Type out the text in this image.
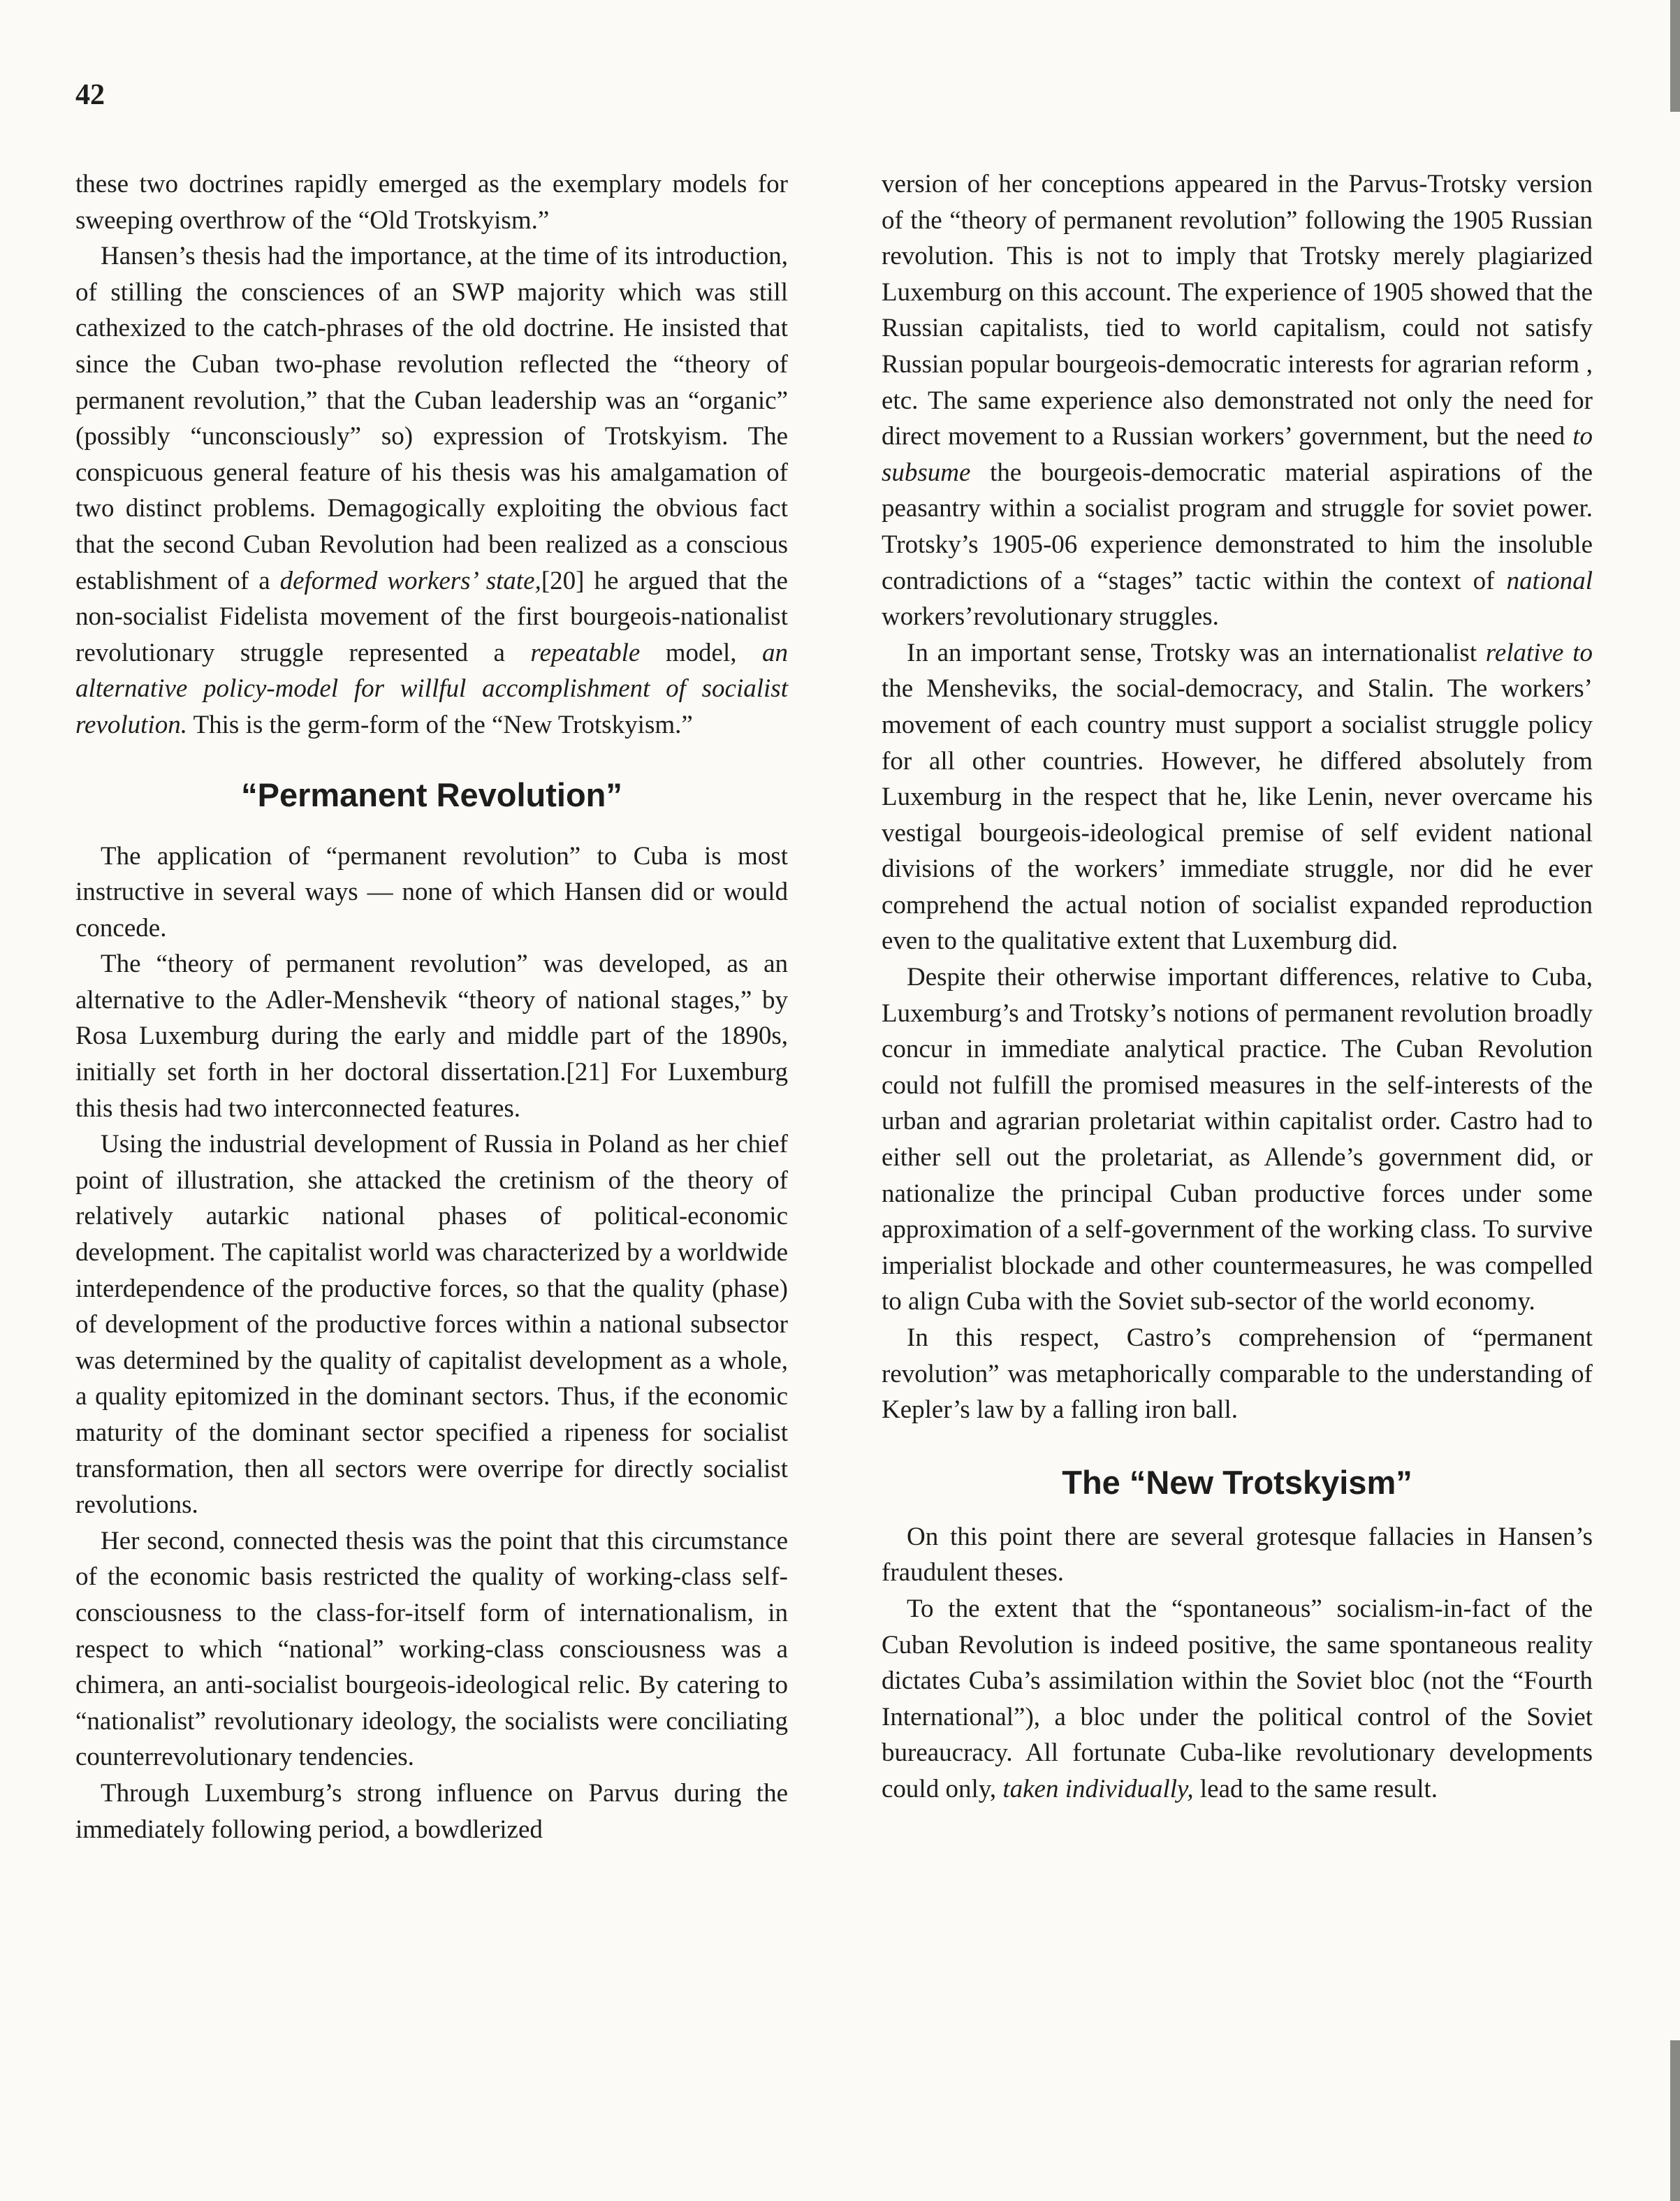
42

these two doctrines rapidly emerged as the exemplary models for sweeping overthrow of the “Old Trotskyism.”

Hansen’s thesis had the importance, at the time of its introduction, of stilling the consciences of an SWP majority which was still cathexized to the catch-phrases of the old doctrine. He insisted that since the Cuban two-phase revolution reflected the “theory of permanent revolution,” that the Cuban leadership was an “organic” (possibly “unconsciously” so) expression of Trotskyism. The conspicuous general feature of his thesis was his amalgamation of two distinct problems. Demagogically exploiting the obvious fact that the second Cuban Revolution had been realized as a conscious establishment of a deformed workers’ state,[20] he argued that the non-socialist Fidelista movement of the first bourgeois-nationalist revolutionary struggle represented a repeatable model, an alternative policy-model for willful accomplishment of socialist revolution. This is the germ-form of the “New Trotskyism.”

“Permanent Revolution”

The application of “permanent revolution” to Cuba is most instructive in several ways — none of which Hansen did or would concede.

The “theory of permanent revolution” was developed, as an alternative to the Adler-Menshevik “theory of national stages,” by Rosa Luxemburg during the early and middle part of the 1890s, initially set forth in her doctoral dissertation.[21] For Luxemburg this thesis had two interconnected features.

Using the industrial development of Russia in Poland as her chief point of illustration, she attacked the cretinism of the theory of relatively autarkic national phases of political-economic development. The capitalist world was characterized by a worldwide interdependence of the productive forces, so that the quality (phase) of development of the productive forces within a national subsector was determined by the quality of capitalist development as a whole, a quality epitomized in the dominant sectors. Thus, if the economic maturity of the dominant sector specified a ripeness for socialist transformation, then all sectors were overripe for directly socialist revolutions.

Her second, connected thesis was the point that this circumstance of the economic basis restricted the quality of working-class self-consciousness to the class-for-itself form of internationalism, in respect to which “national” working-class consciousness was a chimera, an anti-socialist bourgeois-ideological relic. By catering to “nationalist” revolutionary ideology, the socialists were conciliating counterrevolutionary tendencies.

Through Luxemburg’s strong influence on Parvus during the immediately following period, a bowdlerized

version of her conceptions appeared in the Parvus-Trotsky version of the “theory of permanent revolution” following the 1905 Russian revolution. This is not to imply that Trotsky merely plagiarized Luxemburg on this account. The experience of 1905 showed that the Russian capitalists, tied to world capitalism, could not satisfy Russian popular bourgeois-democratic interests for agrarian reform , etc. The same experience also demonstrated not only the need for direct movement to a Russian workers’ government, but the need to subsume the bourgeois-democratic material aspirations of the peasantry within a socialist program and struggle for soviet power. Trotsky’s 1905-06 experience demonstrated to him the insoluble contradictions of a “stages” tactic within the context of national workers’revolutionary struggles.

In an important sense, Trotsky was an internationalist relative to the Mensheviks, the social-democracy, and Stalin. The workers’ movement of each country must support a socialist struggle policy for all other countries. However, he differed absolutely from Luxemburg in the respect that he, like Lenin, never overcame his vestigal bourgeois-ideological premise of self evident national divisions of the workers’ immediate struggle, nor did he ever comprehend the actual notion of socialist expanded reproduction even to the qualitative extent that Luxemburg did.

Despite their otherwise important differences, relative to Cuba, Luxemburg’s and Trotsky’s notions of permanent revolution broadly concur in immediate analytical practice. The Cuban Revolution could not fulfill the promised measures in the self-interests of the urban and agrarian proletariat within capitalist order. Castro had to either sell out the proletariat, as Allende’s government did, or nationalize the principal Cuban productive forces under some approximation of a self-government of the working class. To survive imperialist blockade and other countermeasures, he was compelled to align Cuba with the Soviet sub-sector of the world economy.

In this respect, Castro’s comprehension of “permanent revolution” was metaphorically comparable to the understanding of Kepler’s law by a falling iron ball.

The “New Trotskyism”

On this point there are several grotesque fallacies in Hansen’s fraudulent theses.

To the extent that the “spontaneous” socialism-in-fact of the Cuban Revolution is indeed positive, the same spontaneous reality dictates Cuba’s assimilation within the Soviet bloc (not the “Fourth International”), a bloc under the political control of the Soviet bureaucracy. All fortunate Cuba-like revolutionary developments could only, taken individually, lead to the same result.
